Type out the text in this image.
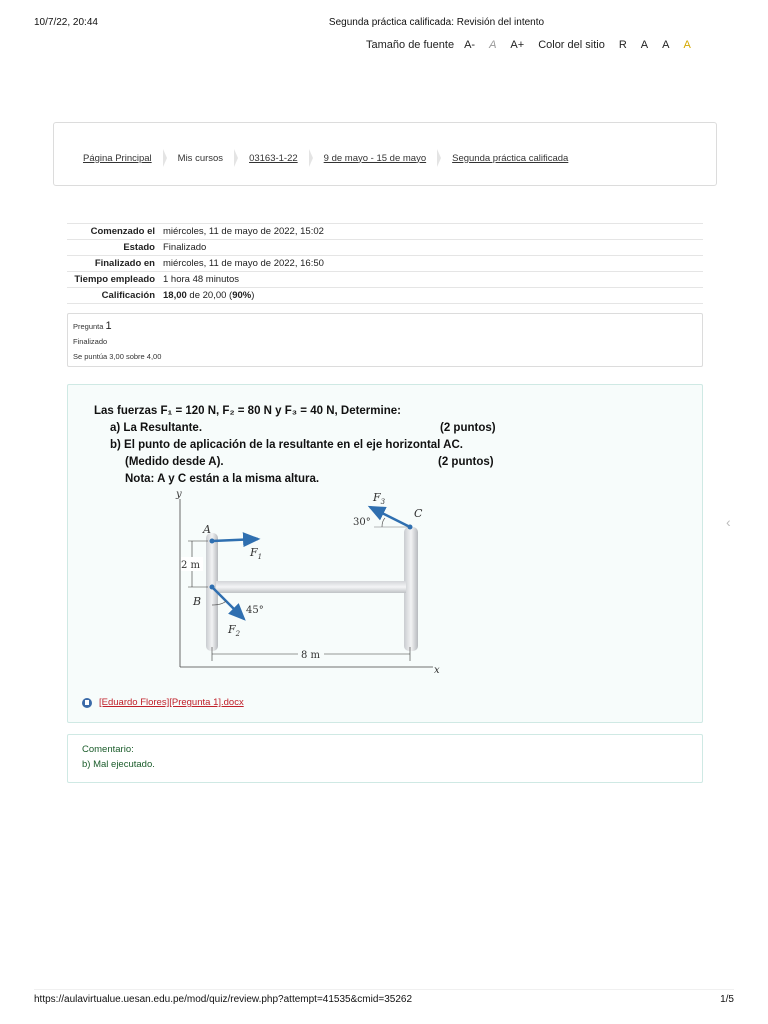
10/7/22, 20:44	Segunda práctica calificada: Revisión del intento
Tamaño de fuente A- A A+ Color del sitio R A A A
Página Principal	Mis cursos	03163-1-22	9 de mayo - 15 de mayo	Segunda práctica calificada
Comenzado el	miércoles, 11 de mayo de 2022, 15:02
Estado	Finalizado
Finalizado en	miércoles, 11 de mayo de 2022, 16:50
Tiempo empleado	1 hora 48 minutos
Calificación	18,00 de 20,00 (90%)
Pregunta 1
Finalizado
Se puntúa 3,00 sobre 4,00
Las fuerzas F₁ = 120 N, F₂ = 80 N y F₃ = 40 N, Determine:
a) La Resultante.	(2 puntos)
b) El punto de aplicación de la resultante en el eje horizontal AC.
(Medido desde A).	(2 puntos)
Nota: A y C están a la misma altura.
y
x
A
$F_1$
B
$F_2$
45°
C
$F_3$
30°
2 m
8 m
[Eduardo Flores][Pregunta 1].docx
Comentario:
b) Mal ejecutado.
‹
https://aulavirtualue.uesan.edu.pe/mod/quiz/review.php?attempt=41535&cmid=35262	1/5
